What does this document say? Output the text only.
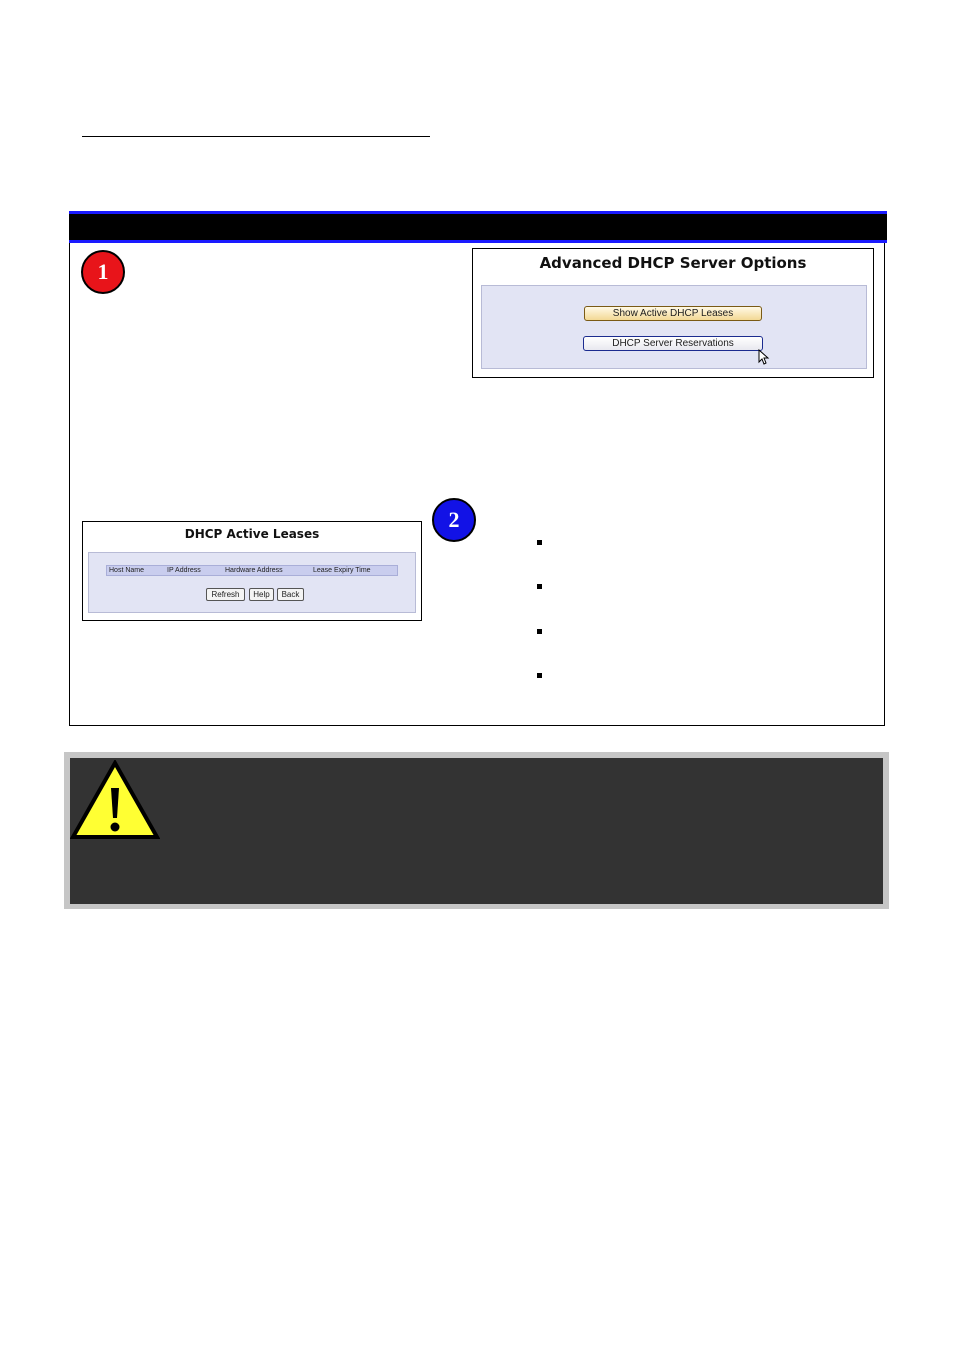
1	Advanced DHCP Server Options
Show Active DHCP Leases
DHCP Server Reservations
DHCP Active Leases
Host Name	IP Address	Hardware Address	Lease Expiry Time
Refresh	Help	Back
2
